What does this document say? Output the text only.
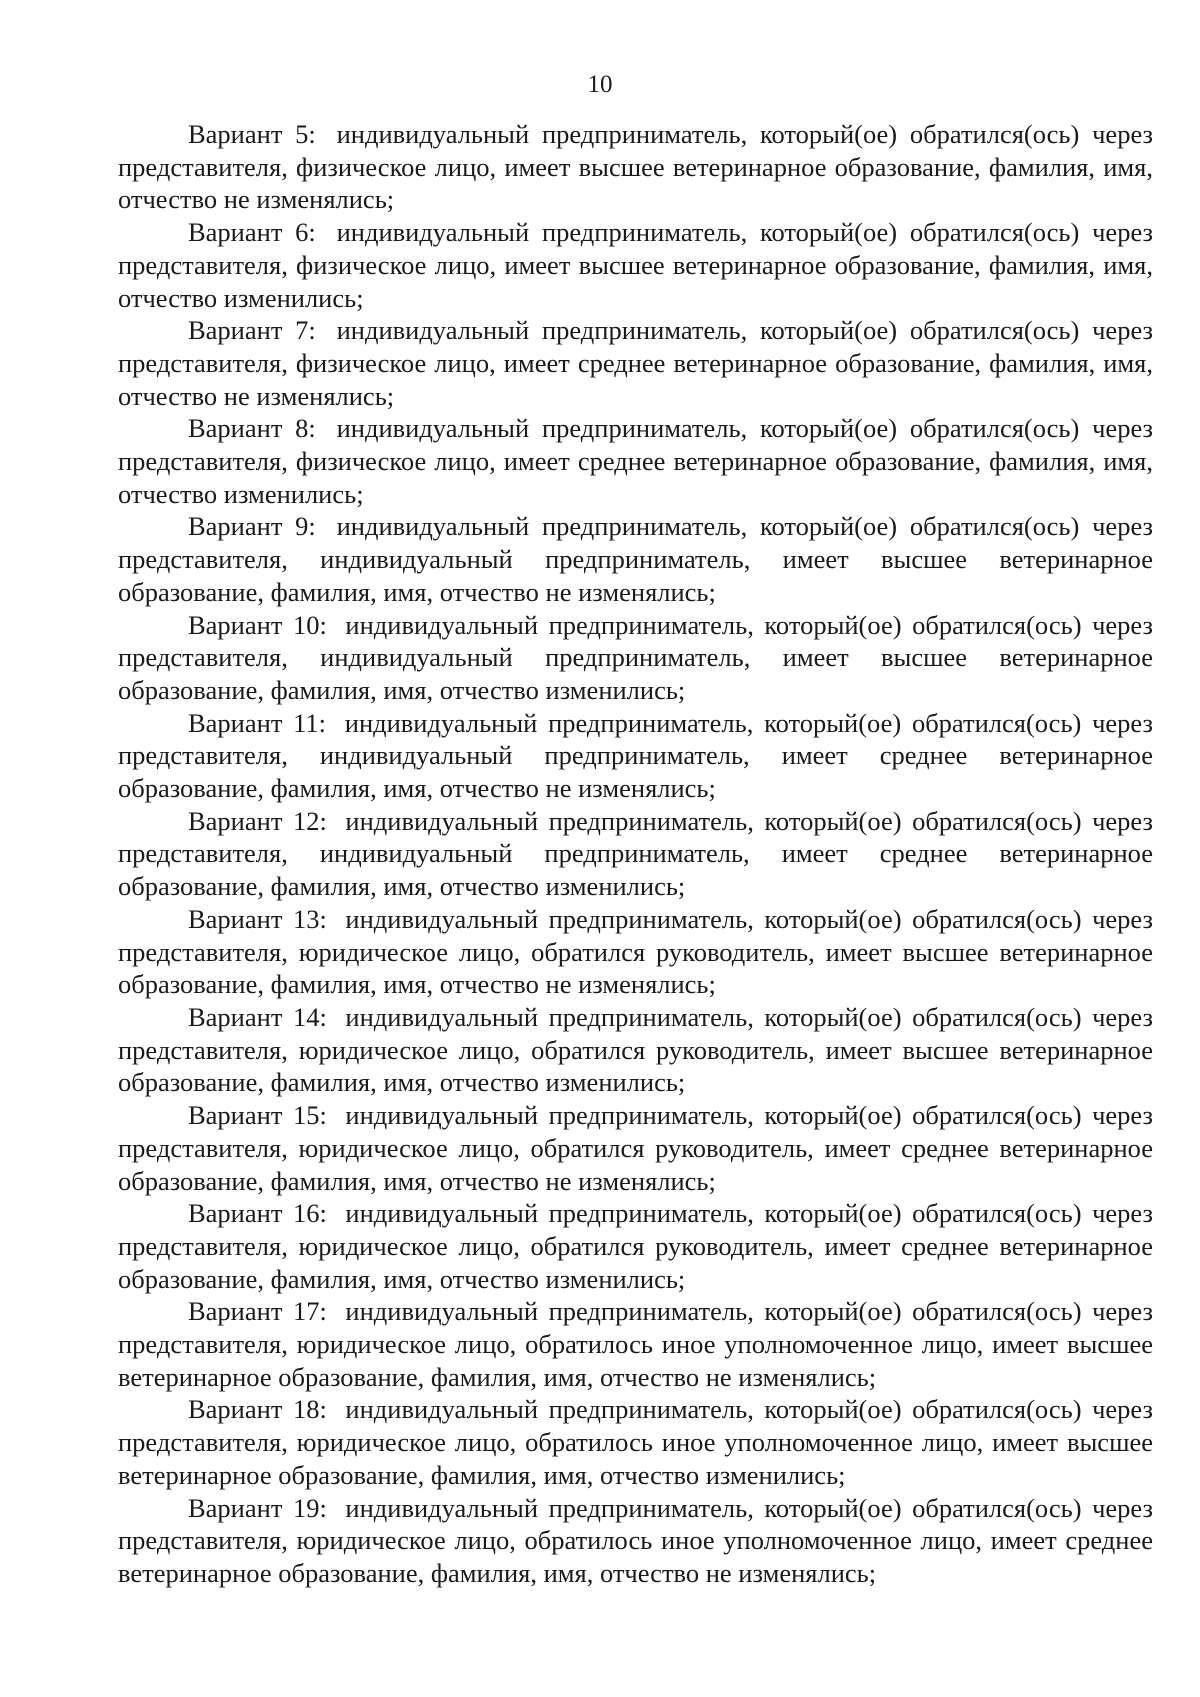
10

Вариант 5: индивидуальный предприниматель, который(ое) обратился(ось) через представителя, физическое лицо, имеет высшее ветеринарное образование, фамилия, имя, отчество не изменялись;

Вариант 6: индивидуальный предприниматель, который(ое) обратился(ось) через представителя, физическое лицо, имеет высшее ветеринарное образование, фамилия, имя, отчество изменились;

Вариант 7: индивидуальный предприниматель, который(ое) обратился(ось) через представителя, физическое лицо, имеет среднее ветеринарное образование, фамилия, имя, отчество не изменялись;

Вариант 8: индивидуальный предприниматель, который(ое) обратился(ось) через представителя, физическое лицо, имеет среднее ветеринарное образование, фамилия, имя, отчество изменились;

Вариант 9: индивидуальный предприниматель, который(ое) обратился(ось) через представителя, индивидуальный предприниматель, имеет высшее ветеринарное образование, фамилия, имя, отчество не изменялись;

Вариант 10: индивидуальный предприниматель, который(ое) обратился(ось) через представителя, индивидуальный предприниматель, имеет высшее ветеринарное образование, фамилия, имя, отчество изменились;

Вариант 11: индивидуальный предприниматель, который(ое) обратился(ось) через представителя, индивидуальный предприниматель, имеет среднее ветеринарное образование, фамилия, имя, отчество не изменялись;

Вариант 12: индивидуальный предприниматель, который(ое) обратился(ось) через представителя, индивидуальный предприниматель, имеет среднее ветеринарное образование, фамилия, имя, отчество изменились;

Вариант 13: индивидуальный предприниматель, который(ое) обратился(ось) через представителя, юридическое лицо, обратился руководитель, имеет высшее ветеринарное образование, фамилия, имя, отчество не изменялись;

Вариант 14: индивидуальный предприниматель, который(ое) обратился(ось) через представителя, юридическое лицо, обратился руководитель, имеет высшее ветеринарное образование, фамилия, имя, отчество изменились;

Вариант 15: индивидуальный предприниматель, который(ое) обратился(ось) через представителя, юридическое лицо, обратился руководитель, имеет среднее ветеринарное образование, фамилия, имя, отчество не изменялись;

Вариант 16: индивидуальный предприниматель, который(ое) обратился(ось) через представителя, юридическое лицо, обратился руководитель, имеет среднее ветеринарное образование, фамилия, имя, отчество изменились;

Вариант 17: индивидуальный предприниматель, который(ое) обратился(ось) через представителя, юридическое лицо, обратилось иное уполномоченное лицо, имеет высшее ветеринарное образование, фамилия, имя, отчество не изменялись;

Вариант 18: индивидуальный предприниматель, который(ое) обратился(ось) через представителя, юридическое лицо, обратилось иное уполномоченное лицо, имеет высшее ветеринарное образование, фамилия, имя, отчество изменились;

Вариант 19: индивидуальный предприниматель, который(ое) обратился(ось) через представителя, юридическое лицо, обратилось иное уполномоченное лицо, имеет среднее ветеринарное образование, фамилия, имя, отчество не изменялись;
